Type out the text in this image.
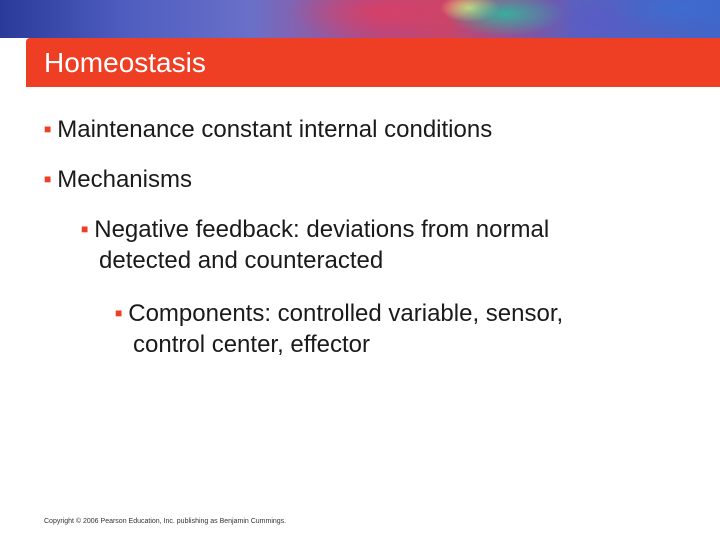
Homeostasis
■ Maintenance constant internal conditions
■ Mechanisms
■ Negative feedback: deviations from normal
detected and counteracted
■ Components: controlled variable, sensor,
control center, effector
Copyright © 2006 Pearson Education, Inc. publishing as Benjamin Cummings.
